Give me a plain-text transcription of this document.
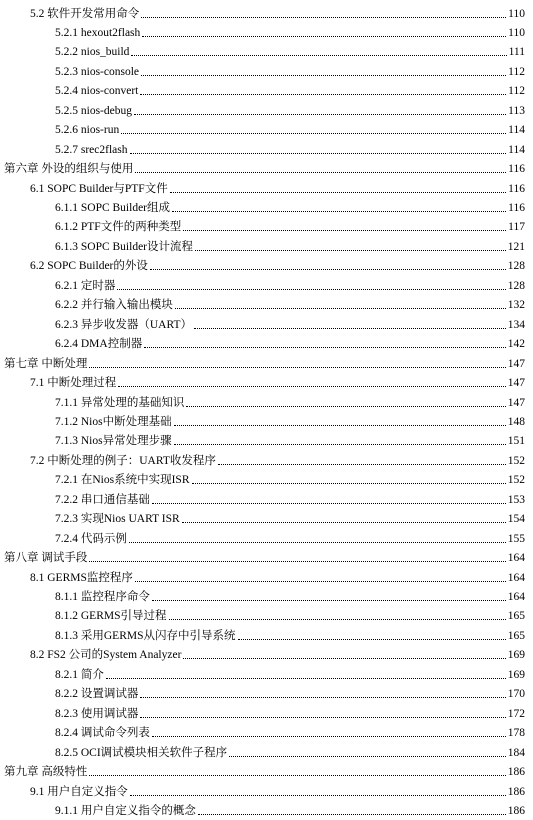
5.2 软件开发常用命令	110
5.2.1 hexout2flash	110
5.2.2 nios_build	111
5.2.3 nios-console	112
5.2.4 nios-convert	112
5.2.5 nios-debug	113
5.2.6 nios-run	114
5.2.7 srec2flash	114
第六章 外设的组织与使用	116
6.1 SOPC Builder与PTF文件	116
6.1.1 SOPC Builder组成	116
6.1.2 PTF文件的两种类型	117
6.1.3 SOPC Builder设计流程	121
6.2 SOPC Builder的外设	128
6.2.1 定时器	128
6.2.2 并行输入输出模块	132
6.2.3 异步收发器（UART）	134
6.2.4 DMA控制器	142
第七章 中断处理	147
7.1 中断处理过程	147
7.1.1 异常处理的基础知识	147
7.1.2 Nios中断处理基础	148
7.1.3 Nios异常处理步骤	151
7.2 中断处理的例子：UART收发程序	152
7.2.1 在Nios系统中实现ISR	152
7.2.2 串口通信基础	153
7.2.3 实现Nios UART ISR	154
7.2.4 代码示例	155
第八章 调试手段	164
8.1 GERMS监控程序	164
8.1.1 监控程序命令	164
8.1.2 GERMS引导过程	165
8.1.3 采用GERMS从闪存中引导系统	165
8.2 FS2 公司的System Analyzer	169
8.2.1 简介	169
8.2.2 设置调试器	170
8.2.3 使用调试器	172
8.2.4 调试命令列表	178
8.2.5 OCI调试模块相关软件子程序	184
第九章 高级特性	186
9.1 用户自定义指令	186
9.1.1 用户自定义指令的概念	186
